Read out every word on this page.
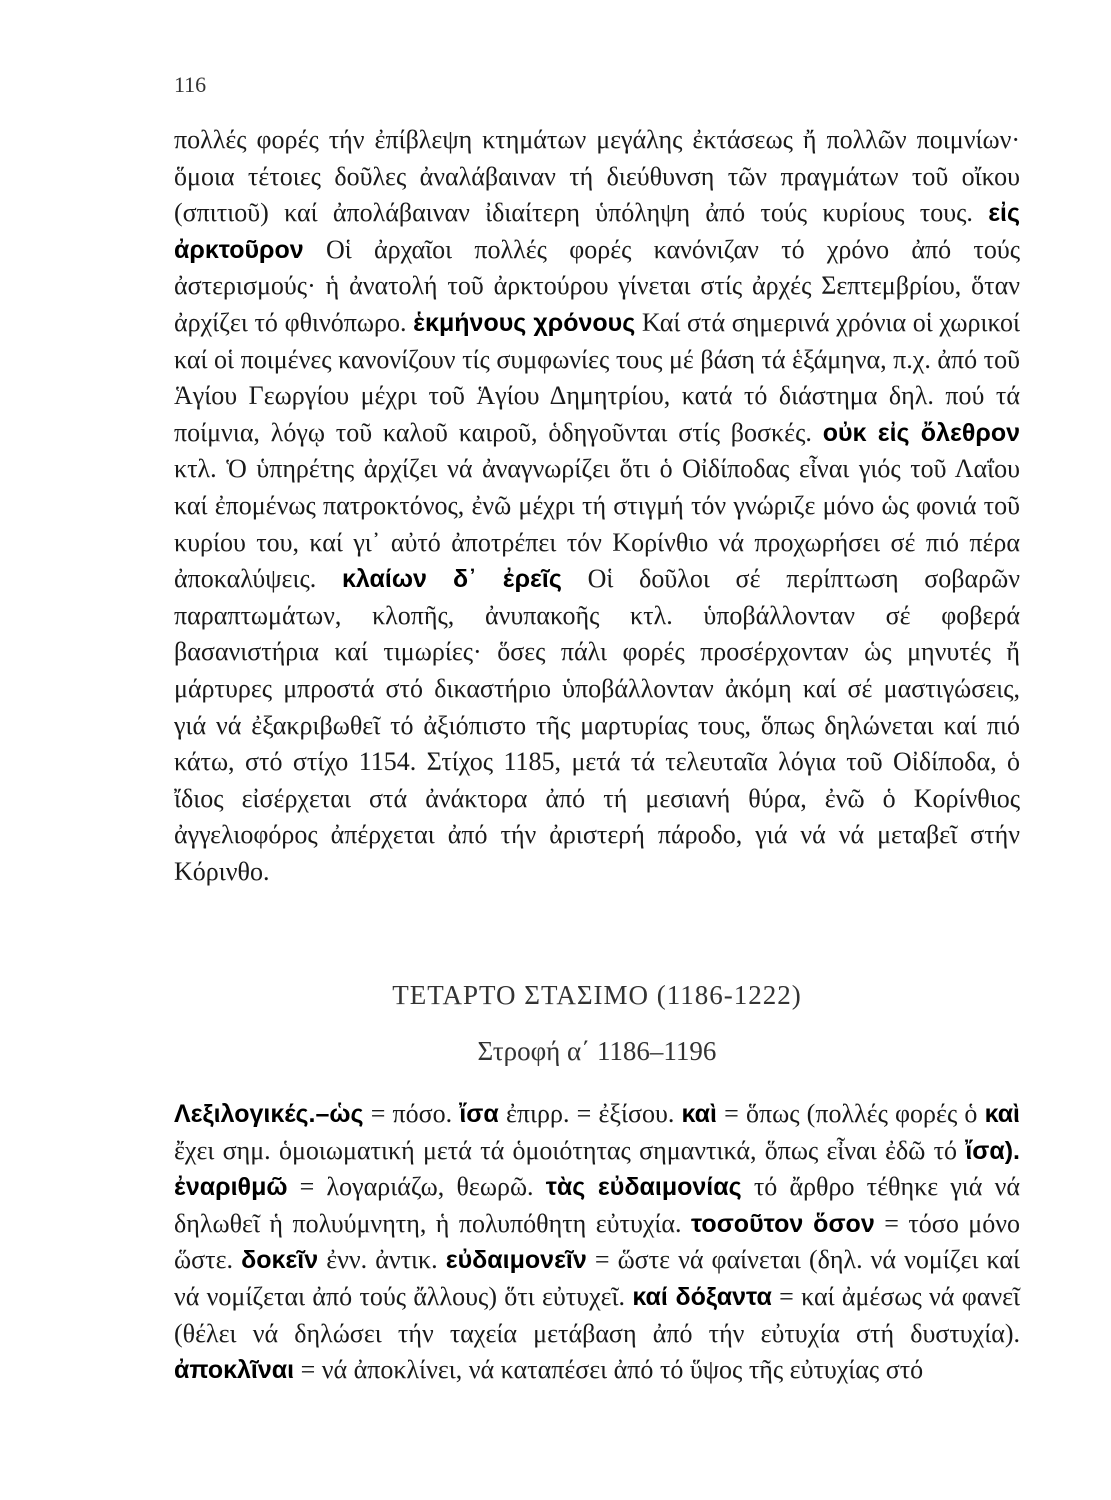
116

πολλές φορές τήν ἐπίβλεψη κτημάτων μεγάλης ἐκτάσεως ἤ πολλῶν ποιμνίων· ὅμοια τέτοιες δοῦλες ἀναλάβαιναν τή διεύθυνση τῶν πραγμάτων τοῦ οἴκου (σπιτιοῦ) καί ἀπολάβαιναν ἰδιαίτερη ὑπόληψη ἀπό τούς κυρίους τους. εἰς ἀρκτοῦρον Οἱ ἀρχαῖοι πολλές φορές κανόνιζαν τό χρόνο ἀπό τούς ἀστερισμούς· ἡ ἀνατολή τοῦ ἀρκτούρου γίνεται στίς ἀρχές Σεπτεμβρίου, ὅταν ἀρχίζει τό φθινόπωρο. ἑκμήνους χρόνους Καί στά σημερινά χρόνια οἱ χωρικοί καί οἱ ποιμένες κανονίζουν τίς συμφωνίες τους μέ βάση τά ἑξάμηνα, π.χ. ἀπό τοῦ Ἁγίου Γεωργίου μέχρι τοῦ Ἁγίου Δημητρίου, κατά τό διάστημα δηλ. πού τά ποίμνια, λόγῳ τοῦ καλοῦ καιροῦ, ὁδηγοῦνται στίς βοσκές. οὐκ εἰς ὄλεθρον κτλ. Ὁ ὑπηρέτης ἀρχίζει νά ἀναγνωρίζει ὅτι ὁ Οἰδίποδας εἶναι γιός τοῦ Λαΐου καί ἐπομένως πατροκτόνος, ἐνῶ μέχρι τή στιγμή τόν γνώριζε μόνο ὡς φονιά τοῦ κυρίου του, καί γι᾽ αὐτό ἀποτρέπει τόν Κορίνθιο νά προχωρήσει σέ πιό πέρα ἀποκαλύψεις. κλαίων δ᾽ ἐρεῖς Οἱ δοῦλοι σέ περίπτωση σοβαρῶν παραπτωμάτων, κλοπῆς, ἀνυπακοῆς κτλ. ὑποβάλλονταν σέ φοβερά βασανιστήρια καί τιμωρίες· ὅσες πάλι φορές προσέρχονταν ὡς μηνυτές ἤ μάρτυρες μπροστά στό δικαστήριο ὑποβάλλονταν ἀκόμη καί σέ μαστιγώσεις, γιά νά ἐξακριβωθεῖ τό ἀξιόπιστο τῆς μαρτυρίας τους, ὅπως δηλώνεται καί πιό κάτω, στό στίχο 1154. Στίχος 1185, μετά τά τελευταῖα λόγια τοῦ Οἰδίποδα, ὁ ἴδιος εἰσέρχεται στά ἀνάκτορα ἀπό τή μεσιανή θύρα, ἐνῶ ὁ Κορίνθιος ἀγγελιοφόρος ἀπέρχεται ἀπό τήν ἀριστερή πάροδο, γιά νά νά μεταβεῖ στήν Κόρινθο.

ΤΕΤΑΡΤΟ ΣΤΑΣΙΜΟ (1186-1222)
Στροφή α΄ 1186–1196

Λεξιλογικές.–ὡς = πόσο. ἴσα ἐπιρρ. = ἐξίσου. καὶ = ὅπως (πολλές φορές ὁ καὶ ἔχει σημ. ὁμοιωματική μετά τά ὁμοιότητας σημαντικά, ὅπως εἶναι ἐδῶ τό ἴσα). ἐναριθμῶ = λογαριάζω, θεωρῶ. τὰς εὐδαιμονίας τό ἄρθρο τέθηκε γιά νά δηλωθεῖ ἡ πολυύμνητη, ἡ πολυπόθητη εὐτυχία. τοσοῦτον ὅσον = τόσο μόνο ὥστε. δοκεῖν ἐνν. ἀντικ. εὐδαιμονεῖν = ὥστε νά φαίνεται (δηλ. νά νομίζει καί νά νομίζεται ἀπό τούς ἄλλους) ὅτι εὐτυχεῖ. καί δόξαντα = καί ἀμέσως νά φανεῖ (θέλει νά δηλώσει τήν ταχεία μετάβαση ἀπό τήν εὐτυχία στή δυστυχία). ἀποκλῖναι = νά ἀποκλίνει, νά καταπέσει ἀπό τό ὕψος τῆς εὐτυχίας στό
